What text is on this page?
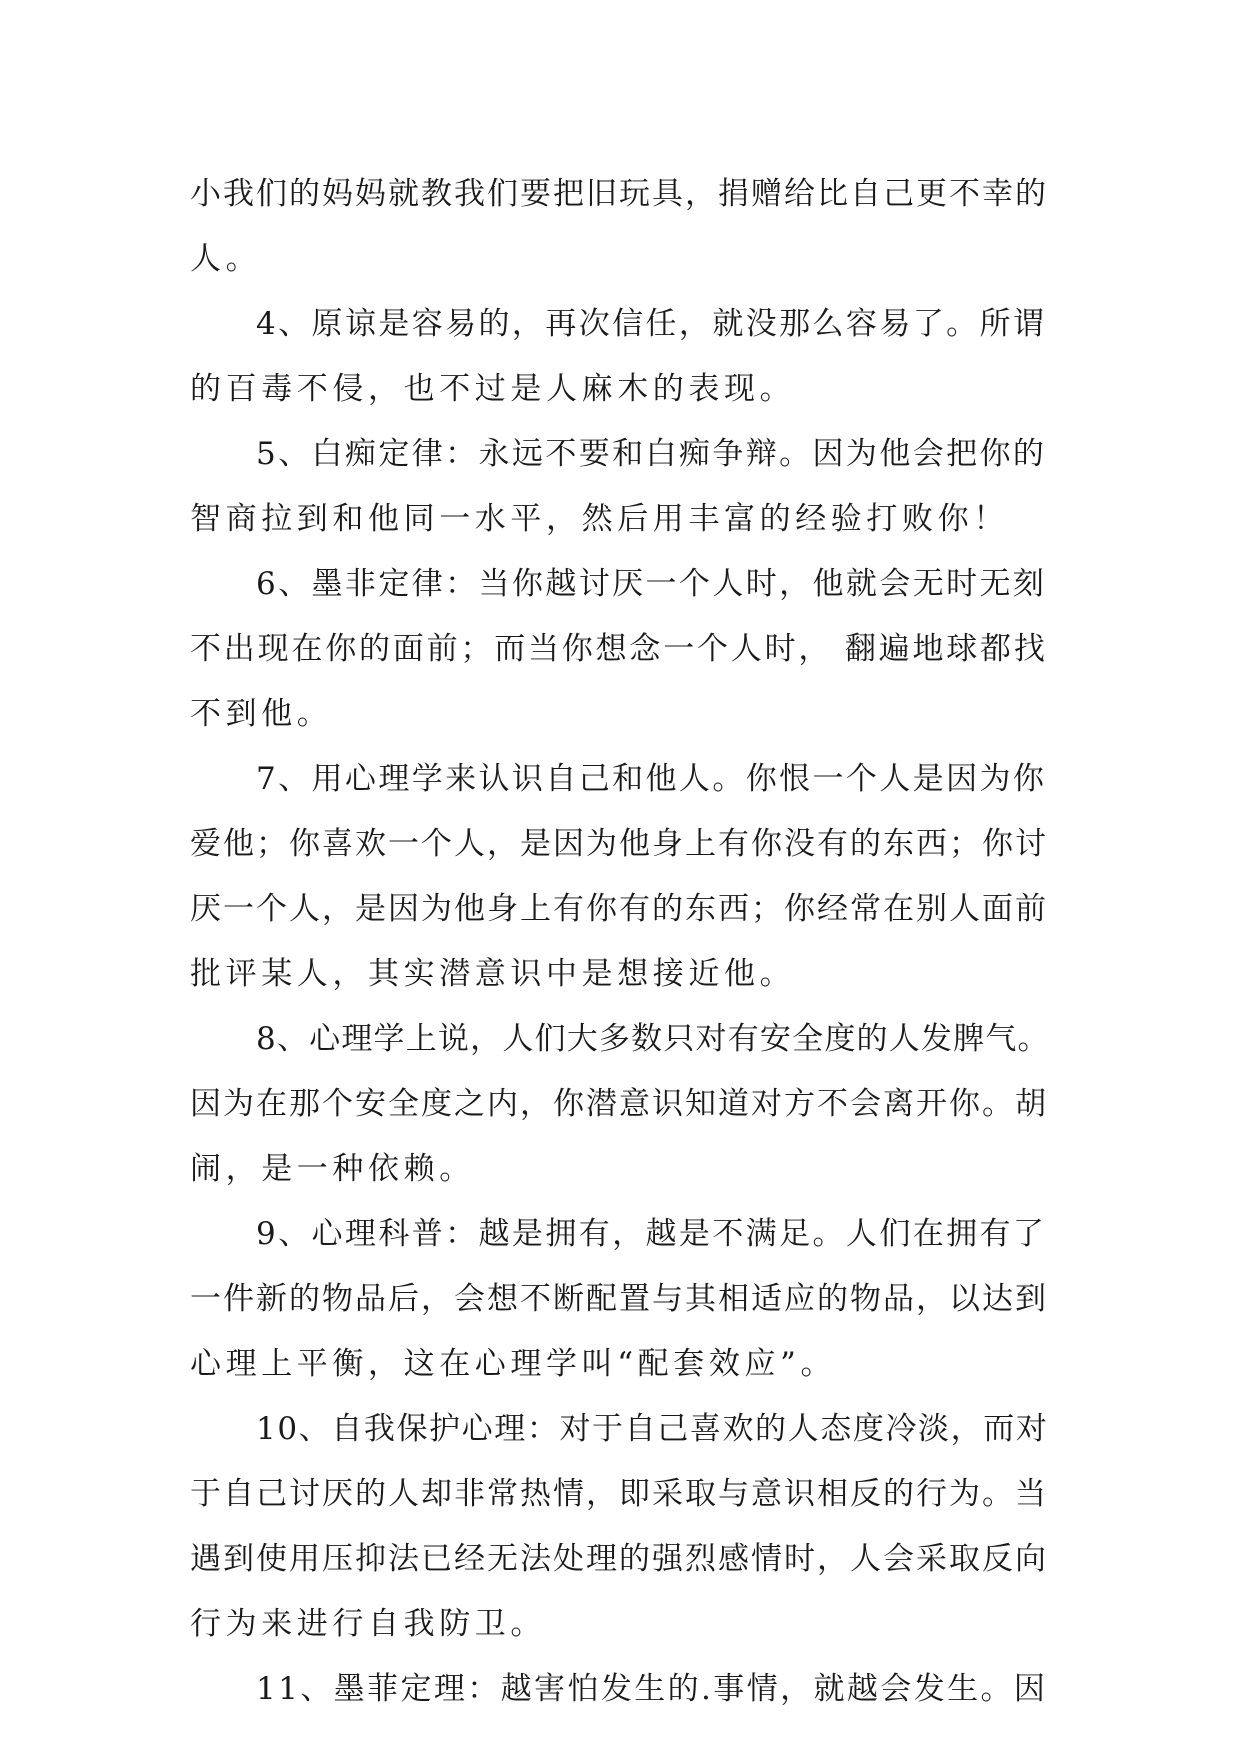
小我们的妈妈就教我们要把旧玩具，捐赠给比自己更不幸的
人。

4、原谅是容易的，再次信任，就没那么容易了。所谓
的百毒不侵，也不过是人麻木的表现。

5、白痴定律：永远不要和白痴争辩。因为他会把你的
智商拉到和他同一水平，然后用丰富的经验打败你！

6、墨非定律：当你越讨厌一个人时，他就会无时无刻
不出现在你的面前；而当你想念一个人时， 翻遍地球都找
不到他。

7、用心理学来认识自己和他人。你恨一个人是因为你
爱他；你喜欢一个人，是因为他身上有你没有的东西；你讨
厌一个人，是因为他身上有你有的东西；你经常在别人面前
批评某人，其实潜意识中是想接近他。

8、心理学上说，人们大多数只对有安全度的人发脾气。
因为在那个安全度之内，你潜意识知道对方不会离开你。胡
闹，是一种依赖。

9、心理科普：越是拥有，越是不满足。人们在拥有了
一件新的物品后，会想不断配置与其相适应的物品，以达到
心理上平衡，这在心理学叫“配套效应”。

10、自我保护心理：对于自己喜欢的人态度冷淡，而对
于自己讨厌的人却非常热情，即采取与意识相反的行为。当
遇到使用压抑法已经无法处理的强烈感情时，人会采取反向
行为来进行自我防卫。

11、墨菲定理：越害怕发生的.事情，就越会发生。因
